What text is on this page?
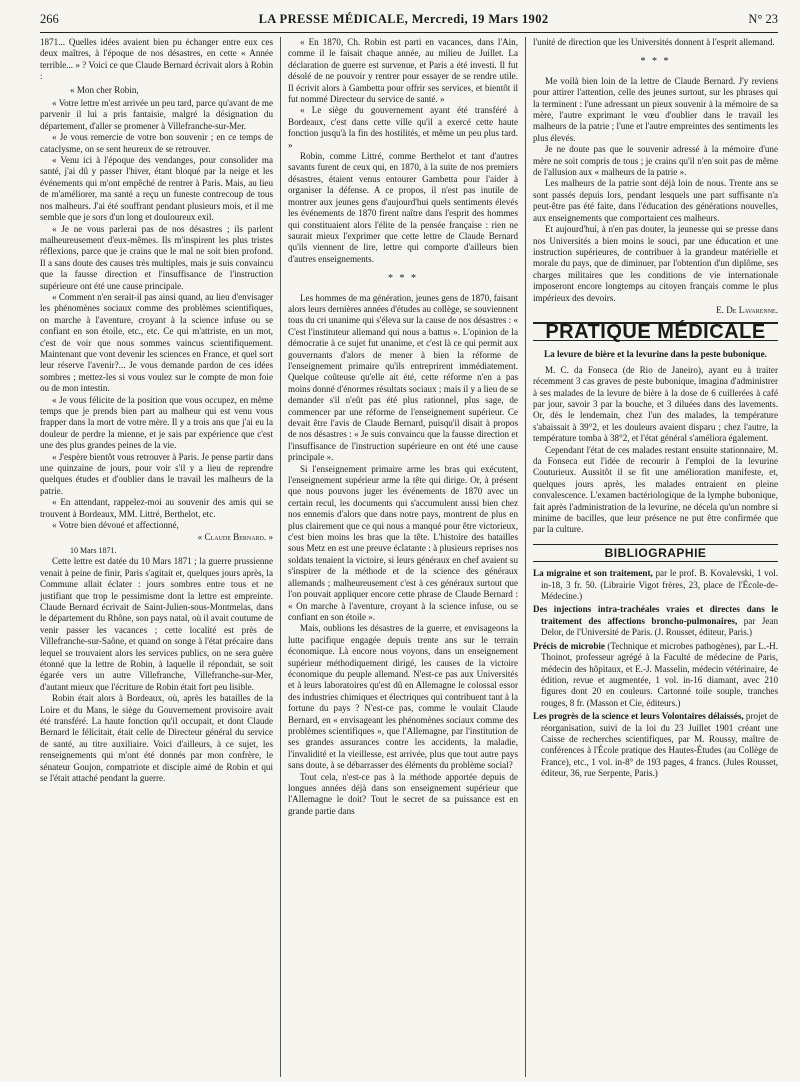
266	LA PRESSE MÉDICALE, Mercredi, 19 Mars 1902	N° 23

1871... Quelles idées avaient bien pu échanger entre eux ces deux maîtres, à l'époque de nos désastres, en cette « Année terrible... » ? Voici ce que Claude Bernard écrivait alors à Robin :

« Mon cher Robin,

« Votre lettre m'est arrivée un peu tard, parce qu'avant de me parvenir il lui a pris fantaisie, malgré la désignation du département, d'aller se promener à Villefranche-sur-Mer.

« Je vous remercie de votre bon souvenir ; en ce temps de cataclysme, on se sent heureux de se retrouver.

« Venu ici à l'époque des vendanges, pour consolider ma santé, j'ai dû y passer l'hiver, étant bloqué par la neige et les événements qui m'ont empêché de rentrer à Paris. Mais, au lieu de m'améliorer, ma santé a reçu un funeste contrecoup de tous nos malheurs. J'ai été souffrant pendant plusieurs mois, et il me semble que je sors d'un long et douloureux exil.

« Je ne vous parlerai pas de nos désastres ; ils parlent malheureusement d'eux-mêmes. Ils m'inspirent les plus tristes réflexions, parce que je crains que le mal ne soit bien profond. Il a sans doute des causes très multiples, mais je suis convaincu que la fausse direction et l'insuffisance de l'instruction supérieure ont été une cause principale.

« Comment n'en serait-il pas ainsi quand, au lieu d'envisager les phénomènes sociaux comme des problèmes scientifiques, on marche à l'aventure, croyant à la science infuse ou se confiant en son étoile, etc., etc. Ce qui m'attriste, en un mot, c'est de voir que nous sommes vaincus scientifiquement. Maintenant que vont devenir les sciences en France, et quel sort leur réserve l'avenir?... Je vous demande pardon de ces idées sombres ; mettez-les si vous voulez sur le compte de mon foie ou de mon intestin.

« Je vous félicite de la position que vous occupez, en même temps que je prends bien part au malheur qui est venu vous frapper dans la mort de votre mère. Il y a trois ans que j'ai eu la douleur de perdre la mienne, et je sais par expérience que c'est une des plus grandes peines de la vie.

« J'espère bientôt vous retrouver à Paris. Je pense partir dans une quinzaine de jours, pour voir s'il y a lieu de reprendre quelques études et d'oublier dans le travail les malheurs de la patrie.

« En attendant, rappelez-moi au souvenir des amis qui se trouvent à Bordeaux, MM. Littré, Berthelot, etc.

« Votre bien dévoué et affectionné,

« Claude Bernard. »
10 Mars 1871.

Cette lettre est datée du 10 Mars 1871 ; la guerre prussienne venait à peine de finir, Paris s'agitait et, quelques jours après, la Commune allait éclater : jours sombres entre tous et ne justifiant que trop le pessimisme dont la lettre est empreinte. Claude Bernard écrivait de Saint-Julien-sous-Montmelas, dans le département du Rhône, son pays natal, où il avait coutume de venir passer les vacances ; cette localité est près de Villefranche-sur-Saône, et quand on songe à l'état précaire dans lequel se trouvaient alors les services publics, on ne sera guère étonné que la lettre de Robin, à laquelle il répondait, se soit égarée vers un autre Villefranche, Villefranche-sur-Mer, d'autant mieux que l'écriture de Robin était fort peu lisible.

Robin était alors à Bordeaux, où, après les batailles de la Loire et du Mans, le siège du Gouvernement provisoire avait été transféré. La haute fonction qu'il occupait, et dont Claude Bernard le félicitait, était celle de Directeur général du service de santé, au titre auxiliaire. Voici d'ailleurs, à ce sujet, les renseignements qui m'ont été donnés par mon confrère, le sénateur Goujon, compatriote et disciple aimé de Robin et qui se l'était attaché pendant la guerre.

« En 1870, Ch. Robin est parti en vacances, dans l'Ain, comme il le faisait chaque année, au milieu de Juillet. La déclaration de guerre est survenue, et Paris a été investi. Il fut désolé de ne pouvoir y rentrer pour essayer de se rendre utile. Il écrivit alors à Gambetta pour offrir ses services, et bientôt il fut nommé Directeur du service de santé. »

« Le siège du gouvernement ayant été transféré à Bordeaux, c'est dans cette ville qu'il a exercé cette haute fonction jusqu'à la fin des hostilités, et même un peu plus tard. »

Robin, comme Littré, comme Berthelot et tant d'autres savants furent de ceux qui, en 1870, à la suite de nos premiers désastres, étaient venus entourer Gambetta pour l'aider à organiser la défense. A ce propos, il n'est pas inutile de montrer aux jeunes gens d'aujourd'hui quels sentiments élevés les événements de 1870 firent naître dans l'esprit des hommes qui constituaient alors l'élite de la pensée française : rien ne saurait mieux l'exprimer que cette lettre de Claude Bernard qu'ils viennent de lire, lettre qui comporte d'ailleurs bien d'autres enseignements.

* * *

Les hommes de ma génération, jeunes gens de 1870, faisant alors leurs dernières années d'études au collège, se souviennent tous du cri unanime qui s'éleva sur la cause de nos désastres : « C'est l'instituteur allemand qui nous a battus ». L'opinion de la démocratie à ce sujet fut unanime, et c'est là ce qui permit aux gouvernants d'alors de mener à bien la réforme de l'enseignement primaire qu'ils entreprirent immédiatement. Quelque coûteuse qu'elle ait été, cette réforme n'en a pas moins donné d'énormes résultats sociaux ; mais il y a lieu de se demander s'il n'eût pas été plus rationnel, plus sage, de commencer par une réforme de l'enseignement supérieur. Ce devait être l'avis de Claude Bernard, puisqu'il disait à propos de nos désastres : « Je suis convaincu que la fausse direction et l'insuffisance de l'instruction supérieure en ont été une cause principale ».

Si l'enseignement primaire arme les bras qui exécutent, l'enseignement supérieur arme la tête qui dirige. Or, à présent que nous pouvons juger les événements de 1870 avec un certain recul, les documents qui s'accumulent aussi bien chez nos ennemis d'alors que dans notre pays, montrent de plus en plus clairement que ce qui nous a manqué pour être victorieux, c'est bien moins les bras que la tête. L'histoire des batailles sous Metz en est une preuve éclatante : à plusieurs reprises nos soldats tenaient la victoire, si leurs généraux en chef avaient su s'inspirer de la méthode et de la science des généraux allemands ; malheureusement c'est à ces généraux surtout que l'on pouvait appliquer encore cette phrase de Claude Bernard : « On marche à l'aventure, croyant à la science infuse, ou se confiant en son étoile ».

Mais, oublions les désastres de la guerre, et envisageons la lutte pacifique engagée depuis trente ans sur le terrain économique. Là encore nous voyons, dans un enseignement supérieur méthodiquement dirigé, les causes de la victoire économique du peuple allemand. N'est-ce pas aux Universités et à leurs laboratoires qu'est dû en Allemagne le colossal essor des industries chimiques et électriques qui contribuent tant à la fortune du pays ? N'est-ce pas, comme le voulait Claude Bernard, en « envisageant les phénomènes sociaux comme des problèmes scientifiques », que l'Allemagne, par l'institution de ses grandes assurances contre les accidents, la maladie, l'invalidité et la vieillesse, est arrivée, plus que tout autre pays sans doute, à se débarrasser des éléments du problème social?

Tout cela, n'est-ce pas à la méthode apportée depuis de longues années déjà dans son enseignement supérieur que l'Allemagne le doit? Tout le secret de sa puissance est en grande partie dans

l'unité de direction que les Universités donnent à l'esprit allemand.

* * *

Me voilà bien loin de la lettre de Claude Bernard. J'y reviens pour attirer l'attention, celle des jeunes surtout, sur les phrases qui la terminent : l'une adressant un pieux souvenir à la mémoire de sa mère, l'autre exprimant le vœu d'oublier dans le travail les malheurs de la patrie ; l'une et l'autre empreintes des sentiments les plus élevés.

Je ne doute pas que le souvenir adressé à la mémoire d'une mère ne soit compris de tous ; je crains qu'il n'en soit pas de même de l'allusion aux « malheurs de la patrie ».

Les malheurs de la patrie sont déjà loin de nous. Trente ans se sont passés depuis lors, pendant lesquels une part suffisante n'a peut-être pas été faite, dans l'éducation des générations nouvelles, aux enseignements que comportaient ces malheurs.

Et aujourd'hui, à n'en pas douter, la jeunesse qui se presse dans nos Universités a bien moins le souci, par une éducation et une instruction supérieures, de contribuer à la grandeur matérielle et morale du pays, que de diminuer, par l'obtention d'un diplôme, ses charges militaires que les conditions de vie internationale imposeront encore longtemps au citoyen français comme le plus impérieux des devoirs.

E. De Lavarenne.
PRATIQUE MÉDICALE
La levure de bière et la levurine dans la peste bubonique.

M. C. da Fonseca (de Rio de Janeiro), ayant eu à traiter récemment 3 cas graves de peste bubonique, imagina d'administrer à ses malades de la levure de bière à la dose de 6 cuillerées à café par jour, savoir 3 par la bouche, et 3 diluées dans des lavements. Or, dès le lendemain, chez l'un des malades, la température s'abaissait à 39°2, et les douleurs avaient disparu ; chez l'autre, la température tomba à 38°2, et l'état général s'améliora également.

Cependant l'état de ces malades restant ensuite stationnaire, M. da Fonseca eut l'idée de recourir à l'emploi de la levurine Couturieux. Aussitôt il se fit une amélioration manifeste, et, quelques jours après, les malades entraient en pleine convalescence. L'examen bactériologique de la lymphe bubonique, fait après l'administration de la levurine, ne décela qu'un nombre si minime de bacilles, que leur présence ne put être confirmée que par la culture.

BIBLIOGRAPHIE
La migraine et son traitement, par le prof. B. Kovalevski, 1 vol. in-18, 3 fr. 50. (Librairie Vigot frères, 23, place de l'École-de-Médecine.)
Des injections intra-trachéales vraies et directes dans le traitement des affections broncho-pulmonaires, par Jean Delor, de l'Université de Paris. (J. Rousset, éditeur, Paris.)
Précis de microbie (Technique et microbes pathogènes), par L.-H. Thoinot, professeur agrégé à la Faculté de médecine de Paris, médecin des hôpitaux, et E.-J. Masselin, médecin vétérinaire, 4e édition, revue et augmentée, 1 vol. in-16 diamant, avec 210 figures dont 20 en couleurs. Cartonné toile souple, tranches rouges, 8 fr. (Masson et Cie, éditeurs.)
Les progrès de la science et leurs Volontaires délaissés, projet de réorganisation, suivi de la loi du 23 Juillet 1901 créant une Caisse de recherches scientifiques, par M. Roussy, maître de conférences à l'École pratique des Hautes-Études (au Collège de France), etc., 1 vol. in-8° de 193 pages, 4 francs. (Jules Rousset, éditeur, 36, rue Serpente, Paris.)
